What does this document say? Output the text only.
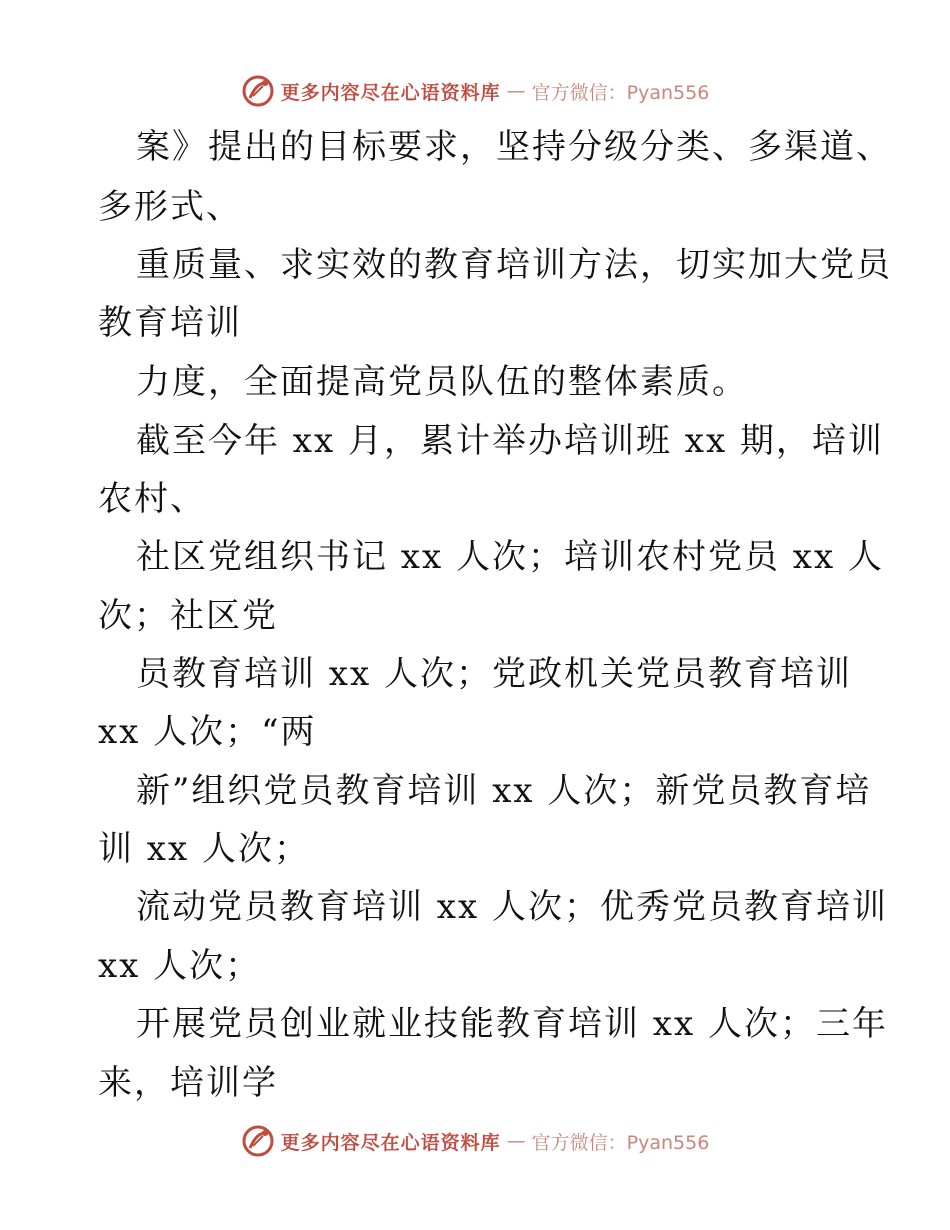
更多内容尽在心语资料库 — 官方微信：Pyan556
案》提出的目标要求，坚持分级分类、多渠道、
多形式、
重质量、求实效的教育培训方法，切实加大党员
教育培训
力度，全面提高党员队伍的整体素质。
截至今年 xx 月，累计举办培训班 xx 期，培训
农村、
社区党组织书记 xx 人次；培训农村党员 xx 人
次；社区党
员教育培训 xx 人次；党政机关党员教育培训
xx 人次；“两
新”组织党员教育培训 xx 人次；新党员教育培
训 xx 人次；
流动党员教育培训 xx 人次；优秀党员教育培训
xx 人次；
开展党员创业就业技能教育培训 xx 人次；三年
来，培训学
更多内容尽在心语资料库 — 官方微信：Pyan556
